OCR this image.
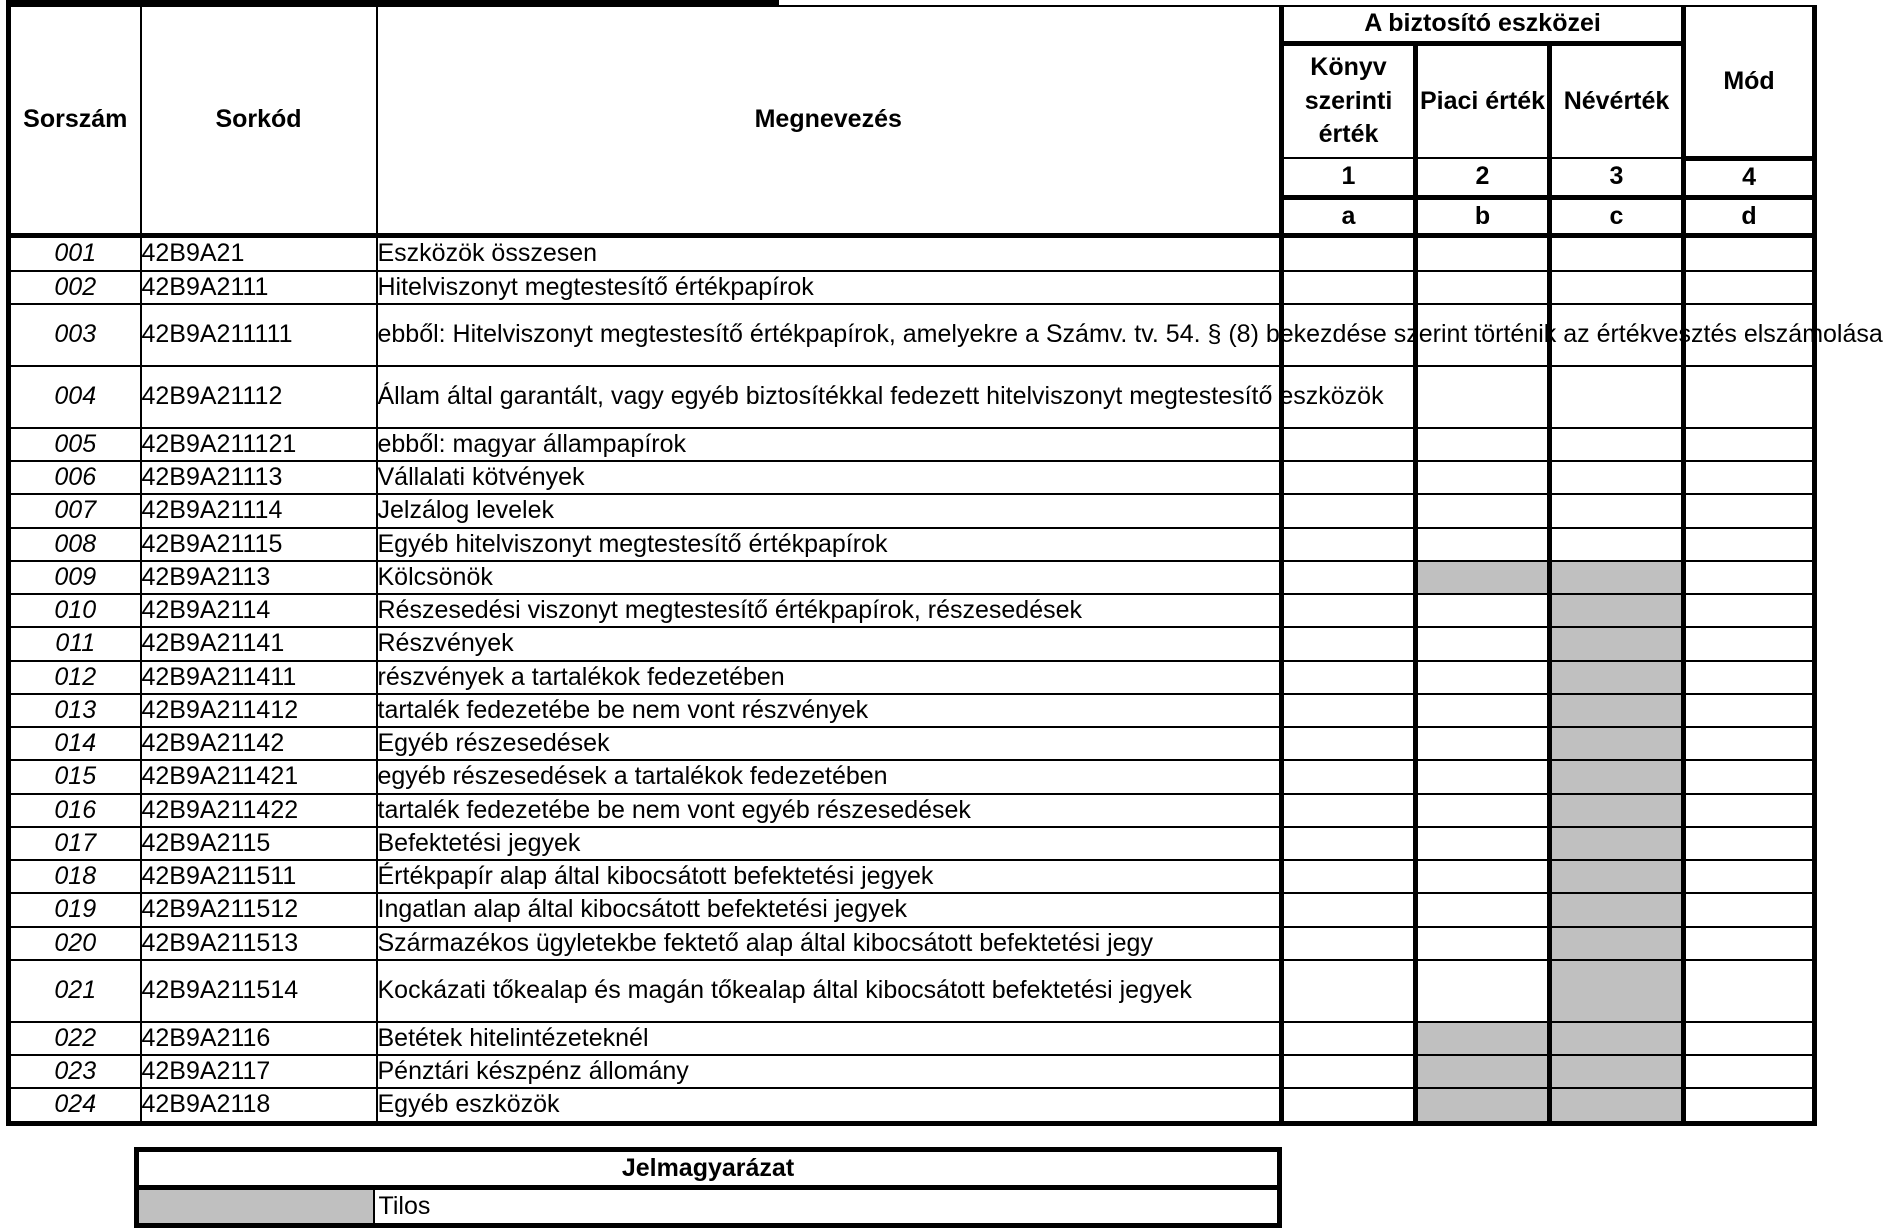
Sorszám	Sorkód	Megnevezés	A biztosító eszközei			Mód
			Könyv szerinti érték	Piaci érték	Névérték	
			1	2	3	4
			a	b	c	d
001	42B9A21	Eszközök összesen				
002	42B9A2111	Hitelviszonyt megtestesítő értékpapírok				
003	42B9A211111	ebből: Hitelviszonyt megtestesítő értékpapírok, amelyekre a Számv. tv. 54. § (8) bekezdése szerint történik az értékvesztés elszámolása				
004	42B9A21112	Állam által garantált, vagy egyéb biztosítékkal fedezett hitelviszonyt megtestesítő eszközök				
005	42B9A211121	ebből: magyar állampapírok				
006	42B9A21113	Vállalati kötvények				
007	42B9A21114	Jelzálog levelek				
008	42B9A21115	Egyéb hitelviszonyt megtestesítő értékpapírok				
009	42B9A2113	Kölcsönök				
010	42B9A2114	Részesedési viszonyt megtestesítő értékpapírok, részesedések				
011	42B9A21141	Részvények				
012	42B9A211411	részvények a tartalékok fedezetében				
013	42B9A211412	tartalék fedezetébe be nem vont részvények				
014	42B9A21142	Egyéb részesedések				
015	42B9A211421	egyéb részesedések a tartalékok fedezetében				
016	42B9A211422	tartalék fedezetébe be nem vont egyéb részesedések				
017	42B9A2115	Befektetési jegyek				
018	42B9A211511	Értékpapír alap által kibocsátott befektetési jegyek				
019	42B9A211512	Ingatlan alap által kibocsátott befektetési jegyek				
020	42B9A211513	Származékos ügyletekbe fektető alap által kibocsátott befektetési jegy				
021	42B9A211514	Kockázati tőkealap és magán tőkealap által kibocsátott befektetési jegyek				
022	42B9A2116	Betétek hitelintézeteknél				
023	42B9A2117	Pénztári készpénz állomány				
024	42B9A2118	Egyéb eszközök				
Jelmagyarázat
	Tilos
